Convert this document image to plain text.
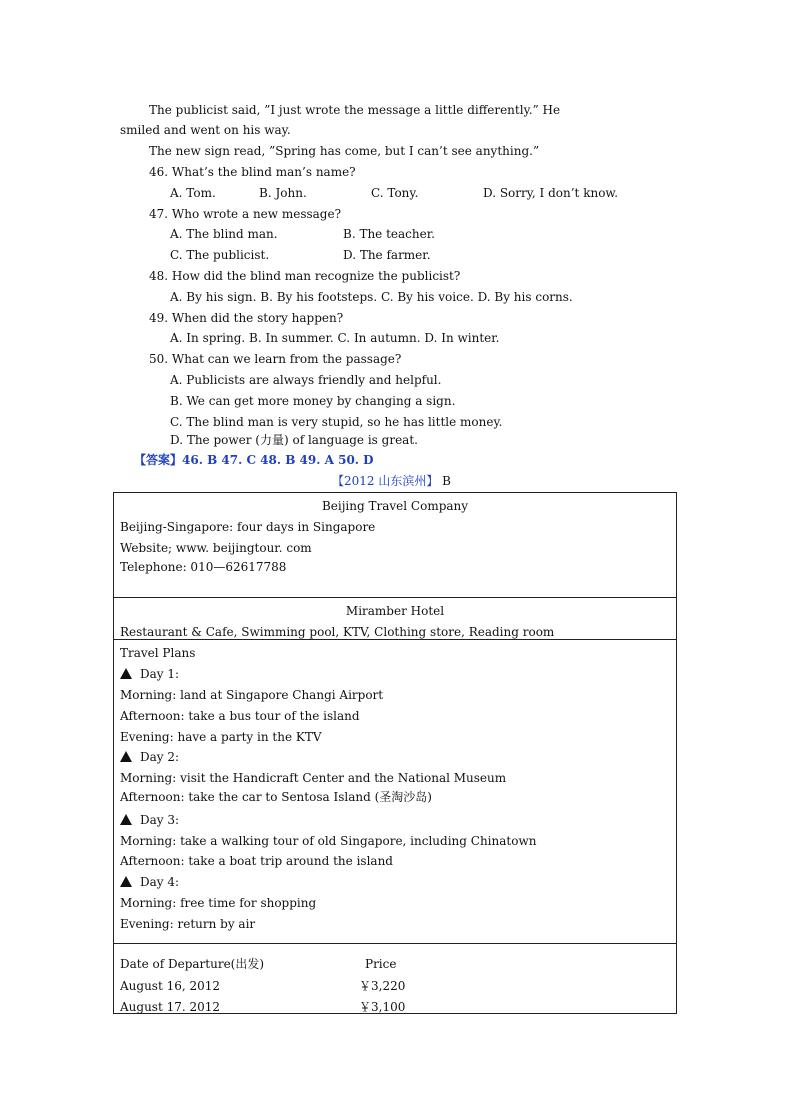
The publicist said, ”I just wrote the message a little differently.” He
smiled and went on his way.
The new sign read, ”Spring has come, but I can’t see anything.”
46. What’s the blind man’s name?
A. Tom.	B. John.	C. Tony.	D. Sorry, I don’t know.
47. Who wrote a new message?
A. The blind man.	B. The teacher.
C. The publicist.	D. The farmer.
48. How did the blind man recognize the publicist?
A. By his sign. B. By his footsteps. C. By his voice. D. By his corns.
49. When did the story happen?
A. In spring. B. In summer. C. In autumn. D. In winter.
50. What can we learn from the passage?
A. Publicists are always friendly and helpful.
B. We can get more money by changing a sign.
C. The blind man is very stupid, so he has little money.
D. The power (力量) of language is great.
【答案】46. B 47. C 48. B 49. A 50. D
【2012 山东滨州】 B
Beijing Travel Company
Beijing-Singapore: four days in Singapore
Website; www. beijingtour. com
Telephone: 010—62617788
Miramber Hotel
Restaurant & Cafe, Swimming pool, KTV, Clothing store, Reading room
Travel Plans
Day 1:
Morning: land at Singapore Changi Airport
Afternoon: take a bus tour of the island
Evening: have a party in the KTV
Day 2:
Morning: visit the Handicraft Center and the National Museum
Afternoon: take the car to Sentosa Island (圣淘沙岛)
Day 3:
Morning: take a walking tour of old Singapore, including Chinatown
Afternoon: take a boat trip around the island
Day 4:
Morning: free time for shopping
Evening: return by air
Date of Departure(出发)	Price
August 16, 2012	￥3,220
August 17. 2012	￥3,100
